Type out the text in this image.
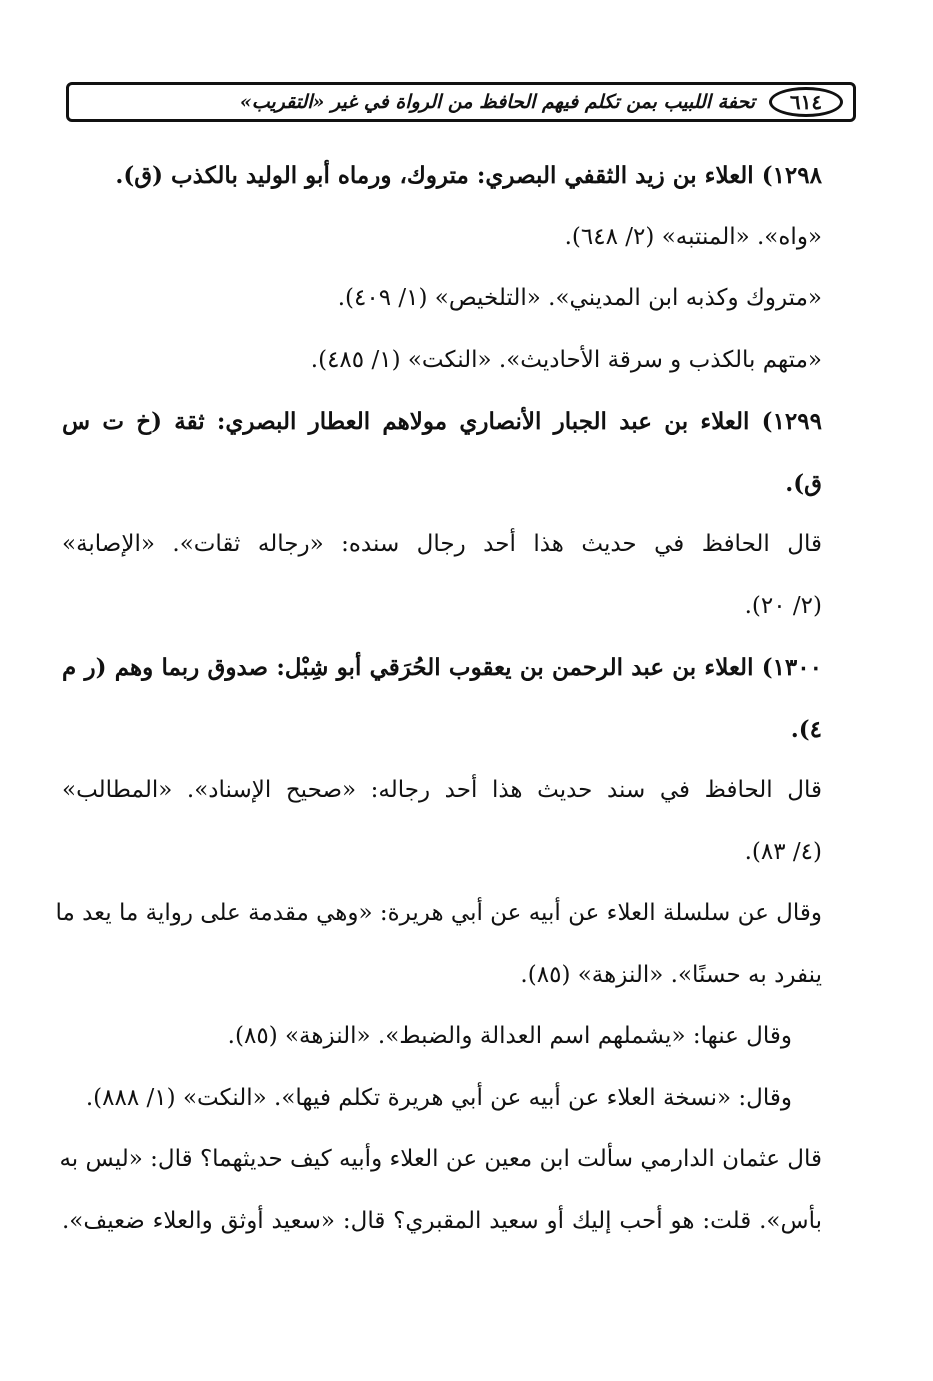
٦١٤
تحفة اللبيب بمن تكلم فيهم الحافظ من الرواة في غير «التقريب»
١٢٩٨) العلاء بن زيد الثقفي البصري: متروك، ورماه أبو الوليد بالكذب (ق).
«واه». «المنتبه» (٢/ ٦٤٨).
«متروك وكذبه ابن المديني». «التلخيص» (١/ ٤٠٩).
«متهم بالكذب و سرقة الأحاديث». «النكت» (١/ ٤٨٥).
١٢٩٩) العلاء بن عبد الجبار الأنصاري مولاهم العطار البصري: ثقة (خ ت س
ق).
قال الحافظ في حديث هذا أحد رجال سنده: «رجاله ثقات». «الإصابة»
(٢/ ٢٠).
١٣٠٠) العلاء بن عبد الرحمن بن يعقوب الحُرَقي أبو شِبْل: صدوق ربما وهم (ر م
٤).
قال الحافظ في سند حديث هذا أحد رجاله: «صحيح الإسناد». «المطالب»
(٤/ ٨٣).
وقال عن سلسلة العلاء عن أبيه عن أبي هريرة: «وهي مقدمة على رواية ما يعد ما
ينفرد به حسنًا». «النزهة» (٨٥).
وقال عنها: «يشملهم اسم العدالة والضبط». «النزهة» (٨٥).
وقال: «نسخة العلاء عن أبيه عن أبي هريرة تكلم فيها». «النكت» (١/ ٨٨٨).
قال عثمان الدارمي سألت ابن معين عن العلاء وأبيه كيف حديثهما؟ قال: «ليس به
بأس». قلت: هو أحب إليك أو سعيد المقبري؟ قال: «سعيد أوثق والعلاء ضعيف».
